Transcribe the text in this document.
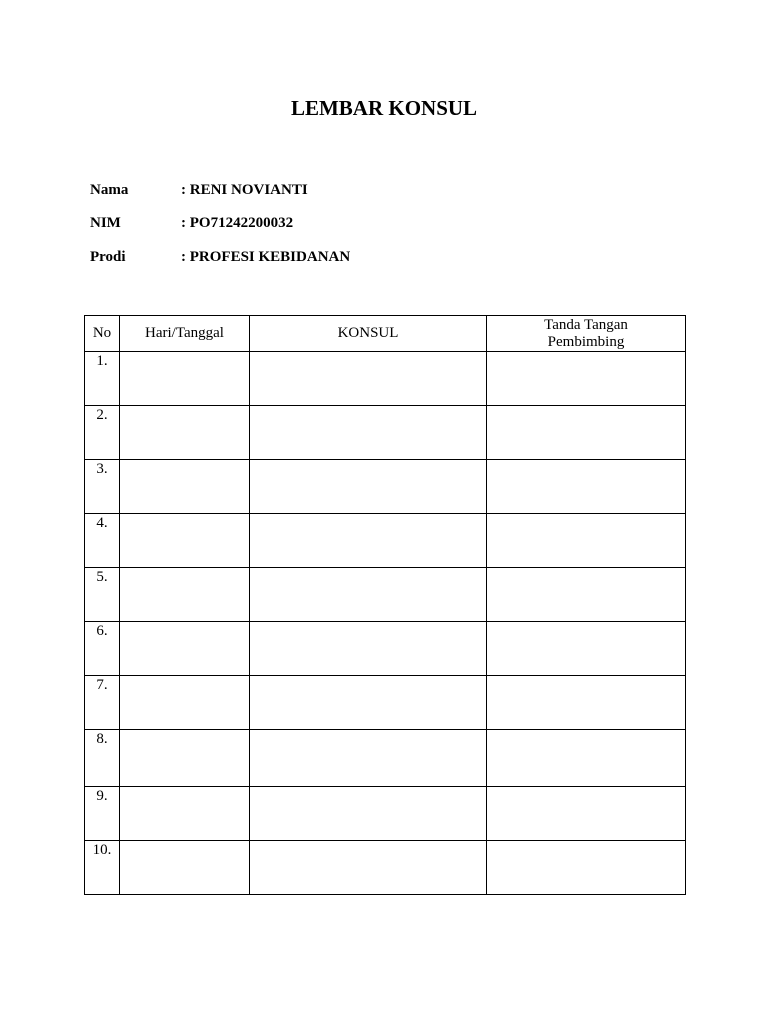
LEMBAR KONSUL
Nama	: RENI NOVIANTI
NIM	: PO71242200032
Prodi	: PROFESI KEBIDANAN
No	Hari/Tanggal	KONSUL	Tanda Tangan Pembimbing
1.			
2.			
3.			
4.			
5.			
6.			
7.			
8.			
9.			
10.			
